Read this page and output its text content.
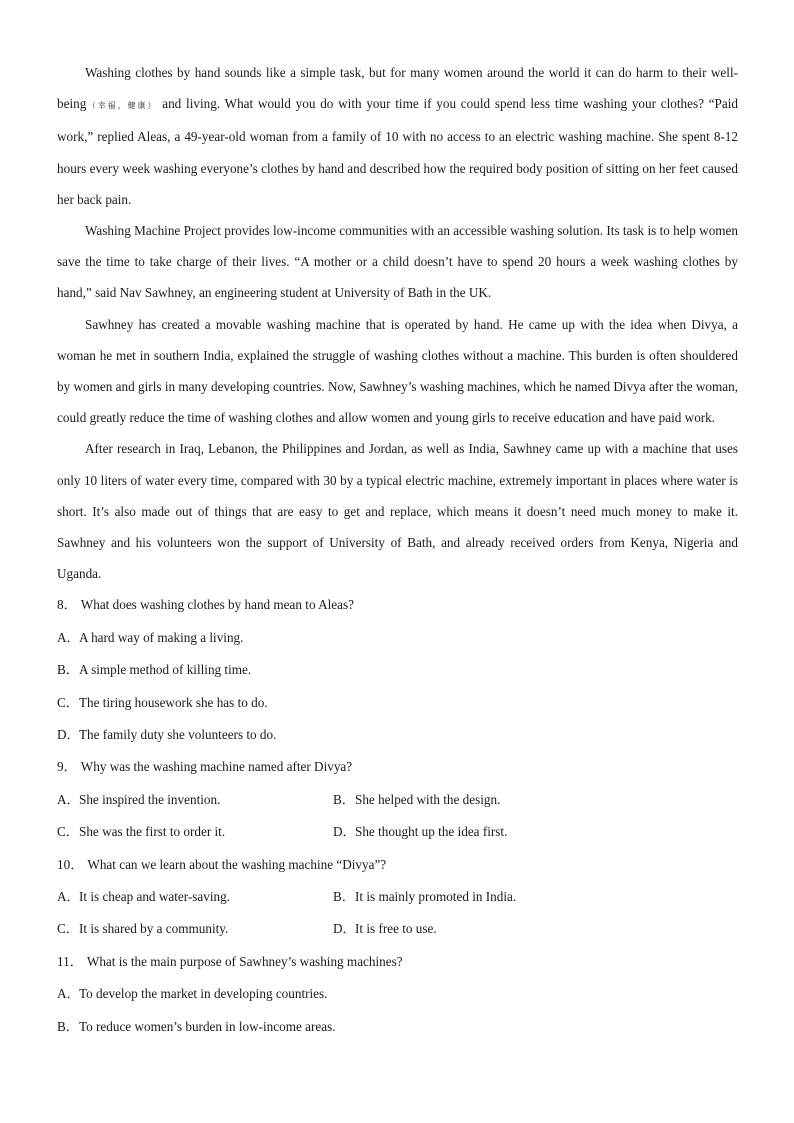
Washing clothes by hand sounds like a simple task, but for many women around the world it can do harm to their well-being（幸福，健康） and living. What would you do with your time if you could spend less time washing your clothes? “Paid work,” replied Aleas, a 49-year-old woman from a family of 10 with no access to an electric washing machine. She spent 8-12 hours every week washing everyone’s clothes by hand and described how the required body position of sitting on her feet caused her back pain.

Washing Machine Project provides low-income communities with an accessible washing solution. Its task is to help women save the time to take charge of their lives. “A mother or a child doesn’t have to spend 20 hours a week washing clothes by hand,” said Nav Sawhney, an engineering student at University of Bath in the UK.

Sawhney has created a movable washing machine that is operated by hand. He came up with the idea when Divya, a woman he met in southern India, explained the struggle of washing clothes without a machine. This burden is often shouldered by women and girls in many developing countries. Now, Sawhney’s washing machines, which he named Divya after the woman, could greatly reduce the time of washing clothes and allow women and young girls to receive education and have paid work.

After research in Iraq, Lebanon, the Philippines and Jordan, as well as India, Sawhney came up with a machine that uses only 10 liters of water every time, compared with 30 by a typical electric machine, extremely important in places where water is short. It’s also made out of things that are easy to get and replace, which means it doesn’t need much money to make it. Sawhney and his volunteers won the support of University of Bath, and already received orders from Kenya, Nigeria and Uganda.

8． What does washing clothes by hand mean to Aleas?

A．A hard way of making a living.

B．A simple method of killing time.

C．The tiring housework she has to do.

D．The family duty she volunteers to do.

9． Why was the washing machine named after Divya?

A．She inspired the invention.	B．She helped with the design.
C．She was the first to order it.	D．She thought up the idea first.

10． What can we learn about the washing machine “Divya”?

A．It is cheap and water-saving.	B．It is mainly promoted in India.
C．It is shared by a community.	D．It is free to use.

11． What is the main purpose of Sawhney’s washing machines?

A．To develop the market in developing countries.

B．To reduce women’s burden in low-income areas.
